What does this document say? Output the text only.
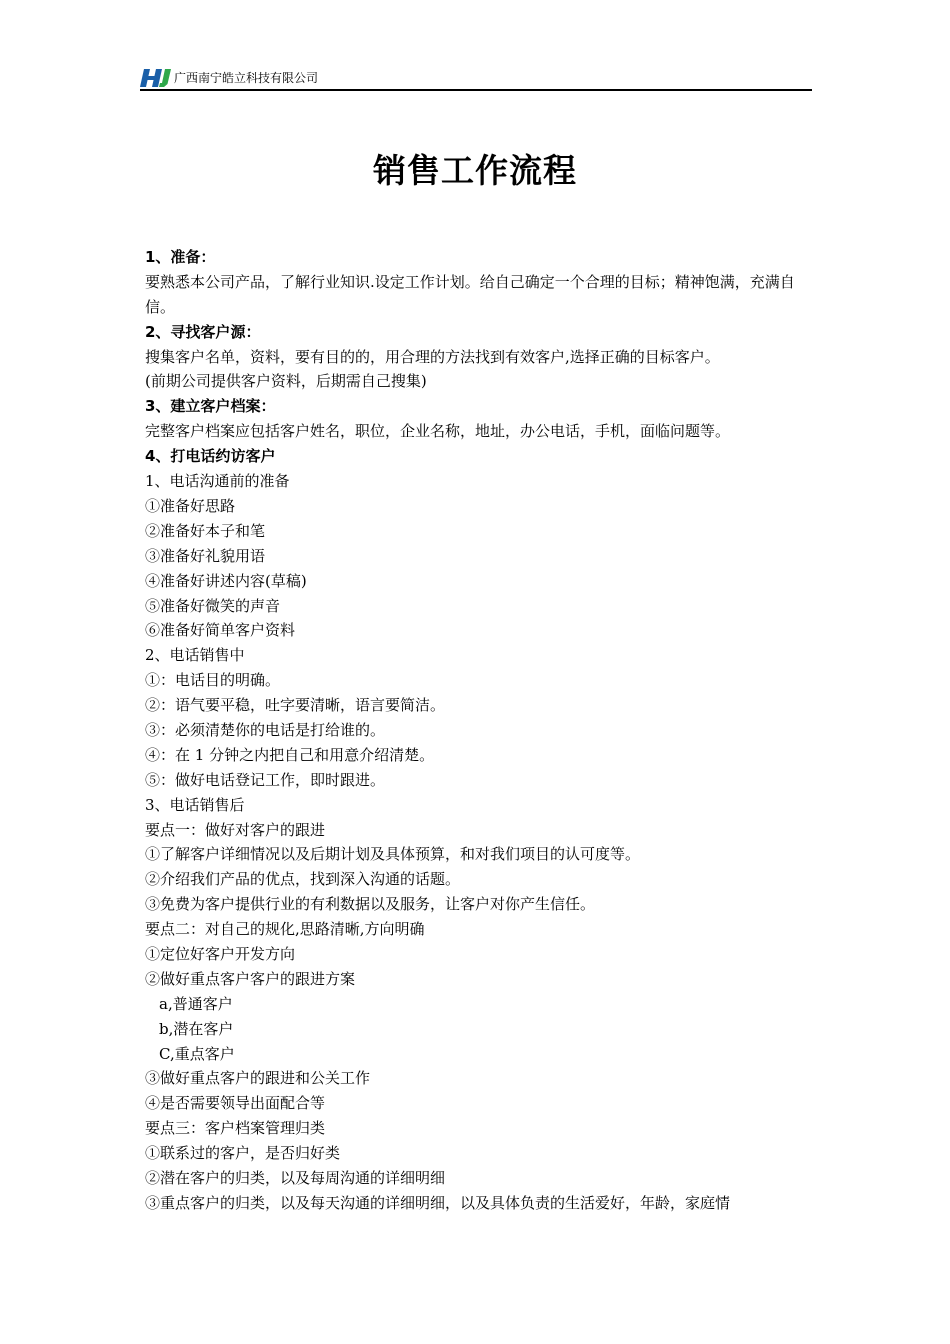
广西南宁皓立科技有限公司
销售工作流程
1、准备：
要熟悉本公司产品，了解行业知识.设定工作计划。给自己确定一个合理的目标；精神饱满，充满自信。
2、寻找客户源：
搜集客户名单，资料，要有目的的，用合理的方法找到有效客户,选择正确的目标客户。
(前期公司提供客户资料，后期需自己搜集)
3、建立客户档案：
完整客户档案应包括客户姓名，职位，企业名称，地址，办公电话，手机，面临问题等。
4、打电话约访客户
1、电话沟通前的准备
①准备好思路
②准备好本子和笔
③准备好礼貌用语
④准备好讲述内容(草稿)
⑤准备好微笑的声音
⑥准备好简单客户资料
2、电话销售中
①：电话目的明确。
②：语气要平稳，吐字要清晰，语言要简洁。
③：必须清楚你的电话是打给谁的。
④：在 1 分钟之内把自己和用意介绍清楚。
⑤：做好电话登记工作，即时跟进。
3、电话销售后
要点一：做好对客户的跟进
①了解客户详细情况以及后期计划及具体预算，和对我们项目的认可度等。
②介绍我们产品的优点，找到深入沟通的话题。
③免费为客户提供行业的有利数据以及服务，让客户对你产生信任。
要点二：对自己的规化,思路清晰,方向明确
①定位好客户开发方向
②做好重点客户客户的跟进方案
a,普通客户
b,潜在客户
C,重点客户
③做好重点客户的跟进和公关工作
④是否需要领导出面配合等
要点三：客户档案管理归类
①联系过的客户，是否归好类
②潜在客户的归类，以及每周沟通的详细明细
③重点客户的归类，以及每天沟通的详细明细，以及具体负责的生活爱好，年龄，家庭情
